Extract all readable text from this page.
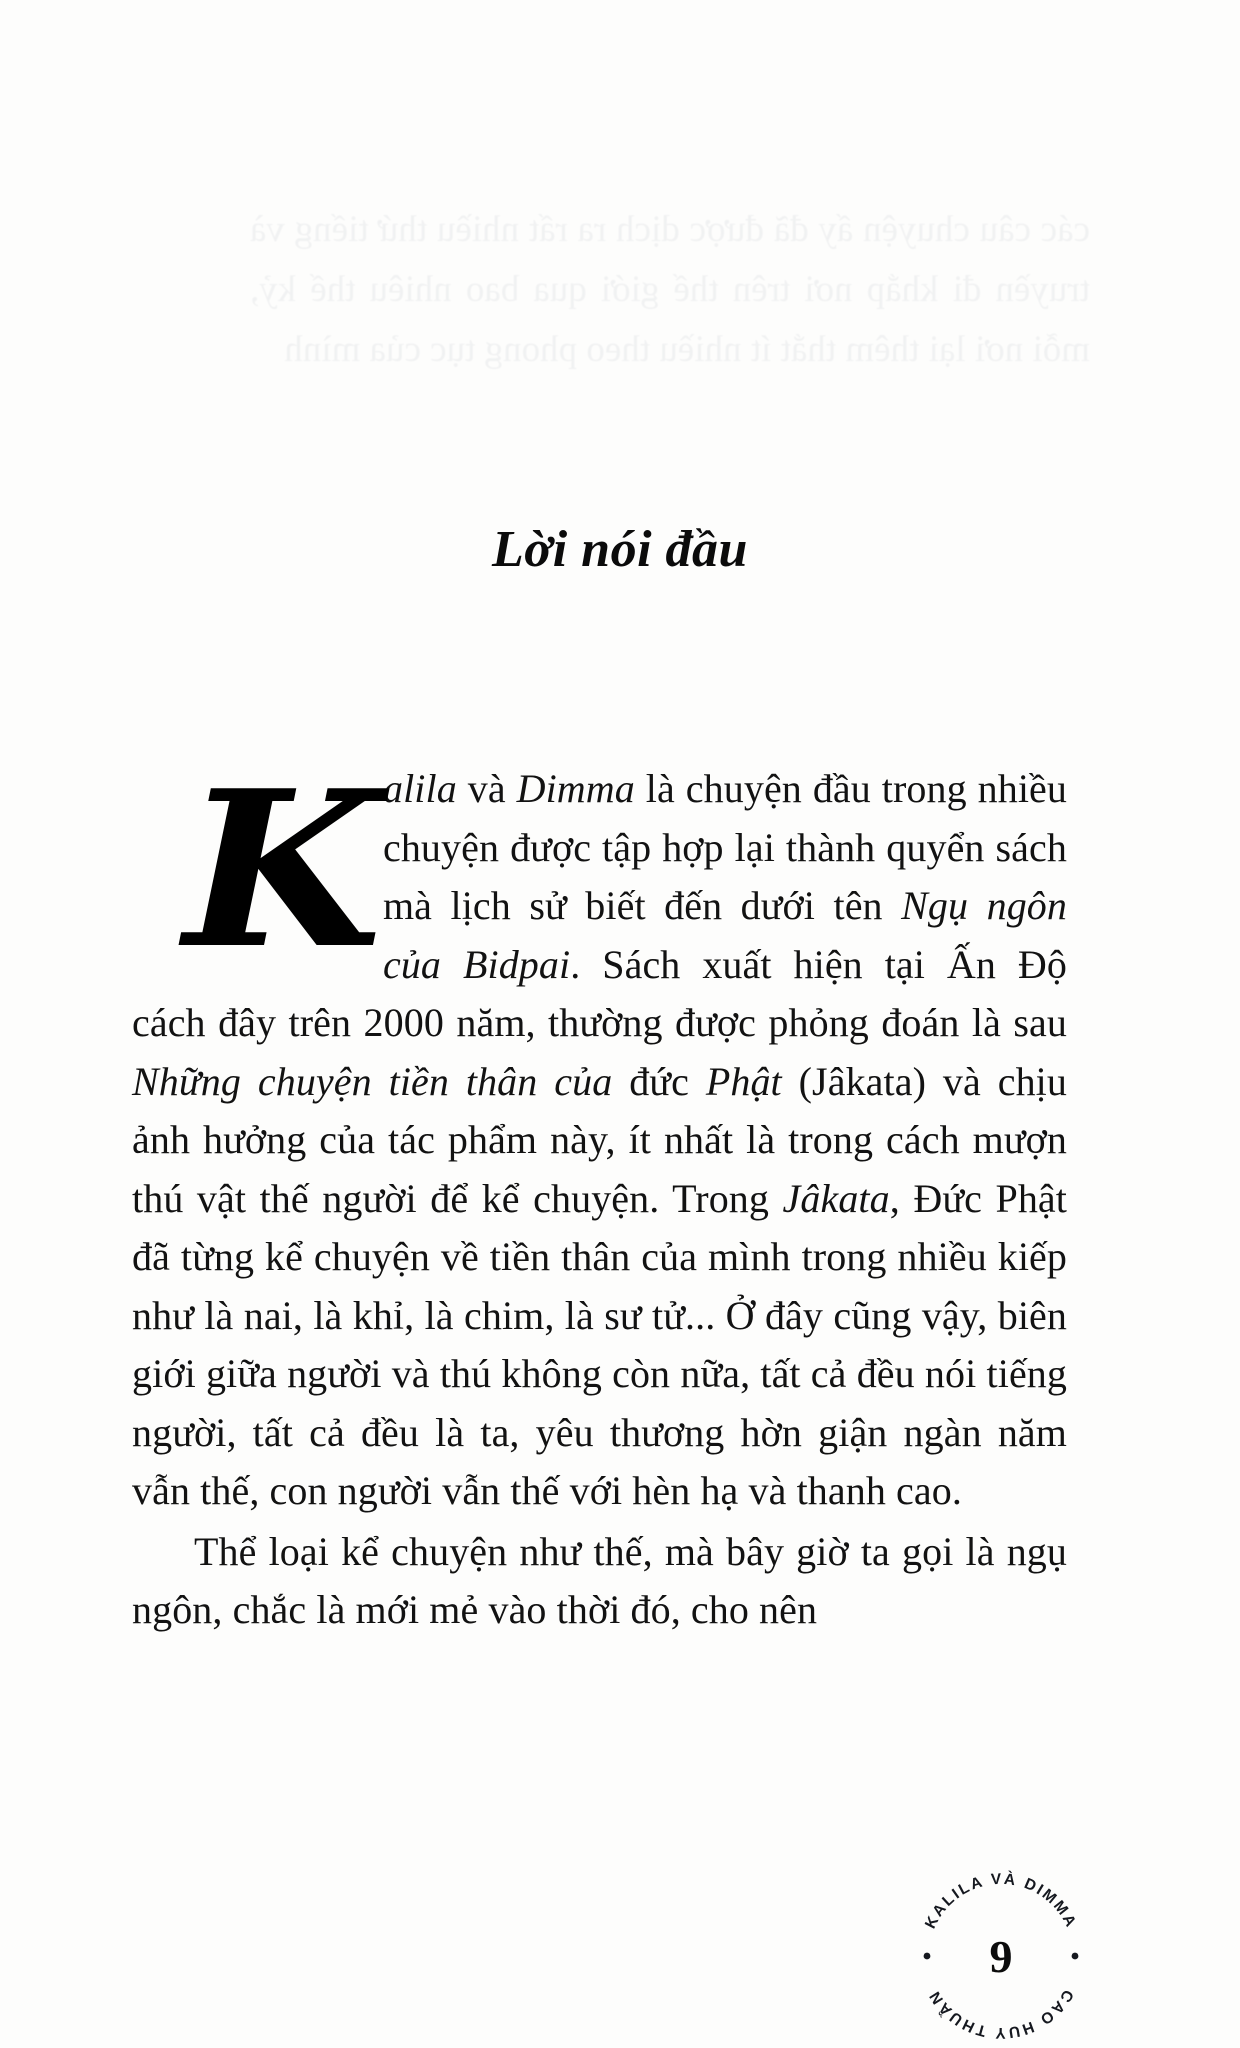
các câu chuyện ấy đã được dịch ra rất nhiều thứ tiếng và truyền đi khắp nơi trên thế giới qua bao nhiêu thế kỷ, mỗi nơi lại thêm thắt ít nhiều theo phong tục của mình
Lời nói đầu

Kalila và Dimma là chuyện đầu trong nhiều chuyện được tập hợp lại thành quyển sách mà lịch sử biết đến dưới tên Ngụ ngôn của Bidpai. Sách xuất hiện tại Ấn Độ cách đây trên 2000 năm, thường được phỏng đoán là sau Những chuyện tiền thân của đức Phật (Jâkata) và chịu ảnh hưởng của tác phẩm này, ít nhất là trong cách mượn thú vật thế người để kể chuyện. Trong Jâkata, Đức Phật đã từng kể chuyện về tiền thân của mình trong nhiều kiếp như là nai, là khỉ, là chim, là sư tử... Ở đây cũng vậy, biên giới giữa người và thú không còn nữa, tất cả đều nói tiếng người, tất cả đều là ta, yêu thương hờn giận ngàn năm vẫn thế, con người vẫn thế với hèn hạ và thanh cao.

Thể loại kể chuyện như thế, mà bây giờ ta gọi là ngụ ngôn, chắc là mới mẻ vào thời đó, cho nên

KALILA VÀ DIMMA
CAO HUY THUẦN
9
